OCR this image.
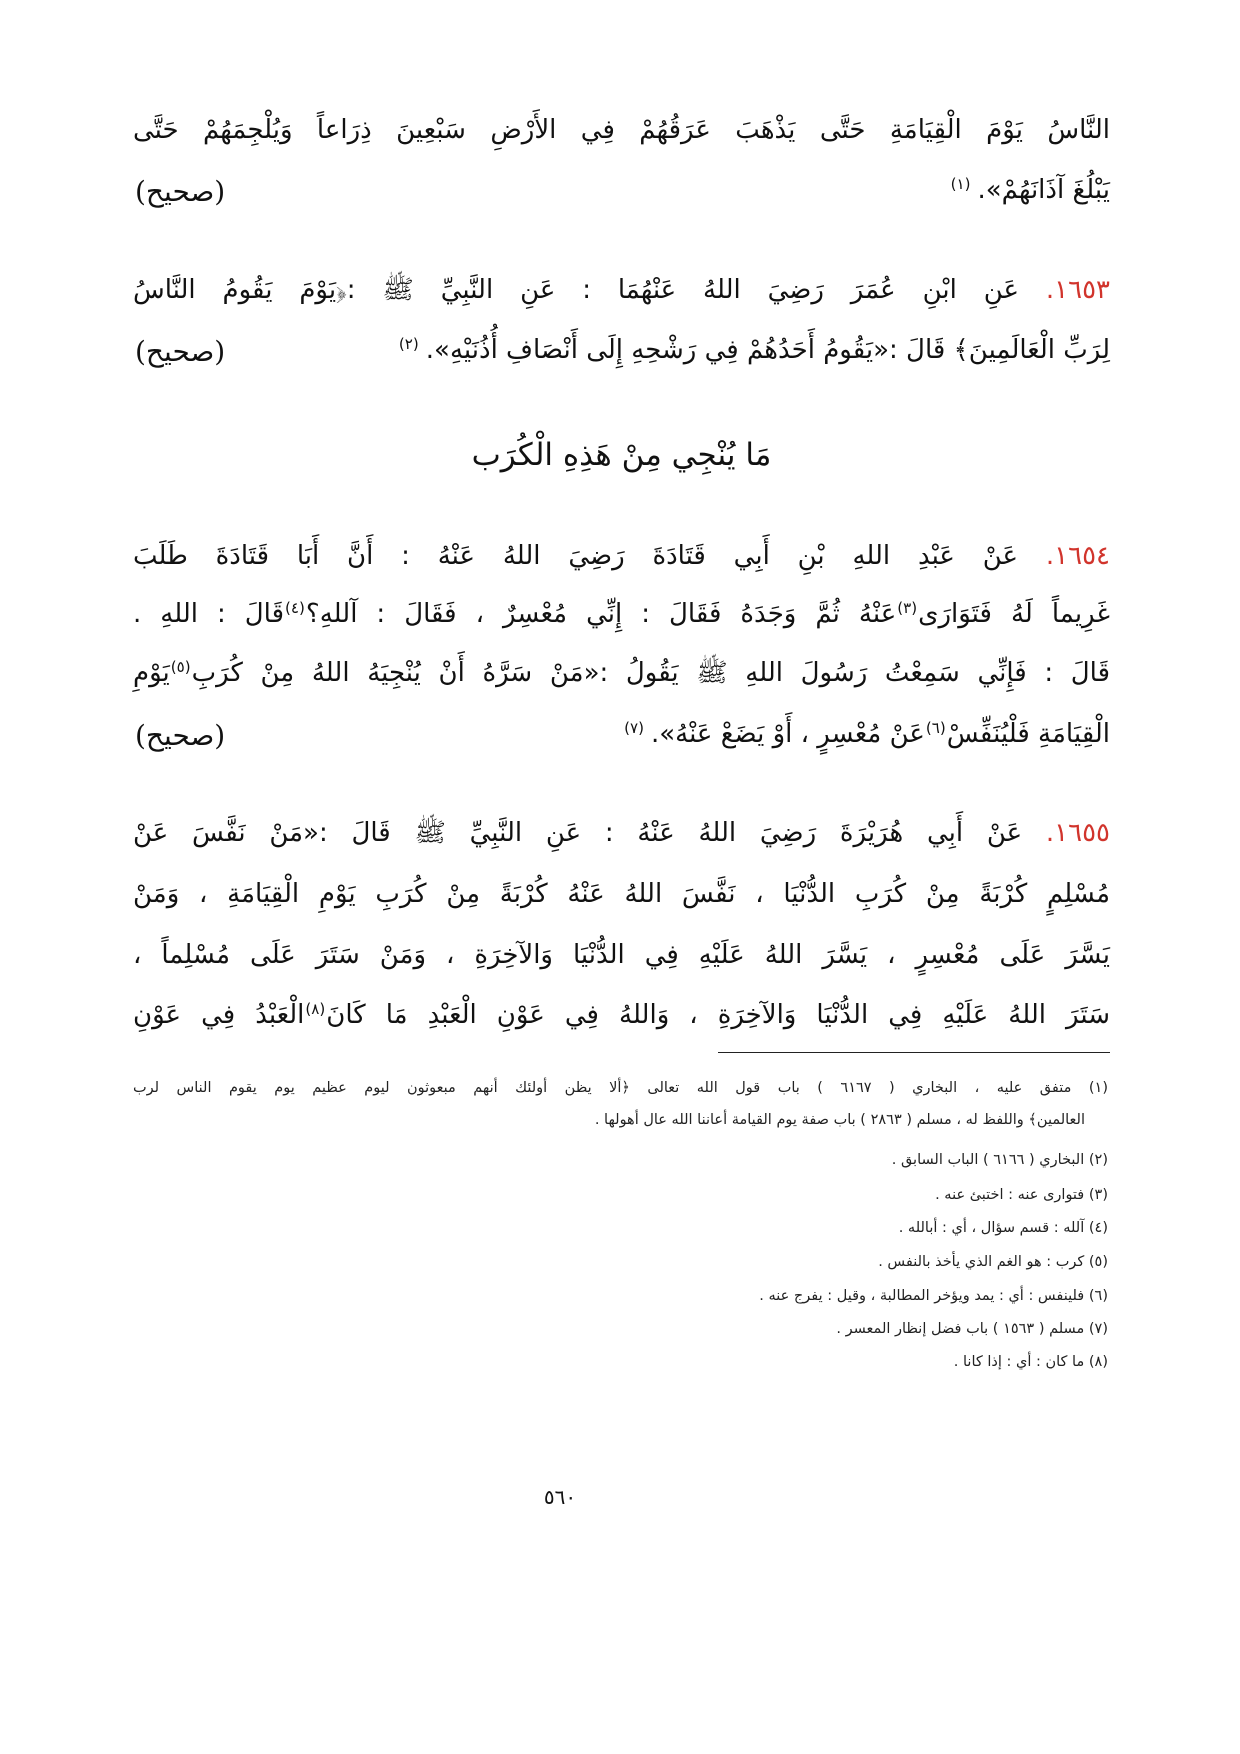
النَّاسُ يَوْمَ الْقِيَامَةِ حَتَّى يَذْهَبَ عَرَقُهُمْ فِي الأَرْضِ سَبْعِينَ ذِرَاعاً وَيُلْجِمَهُمْ حَتَّى
يَبْلُغَ آذَانَهُمْ».$^{(١)}$
(صحيح)
١٦٥٣. عَنِ ابْنِ عُمَرَ رَضِيَ اللهُ عَنْهُمَا : عَنِ النَّبِيِّ ﷺ :﴿يَوْمَ يَقُومُ النَّاسُ
لِرَبِّ الْعَالَمِينَ﴾ قَالَ :«يَقُومُ أَحَدُهُمْ فِي رَشْحِهِ إِلَى أَنْصَافِ أُذُنَيْهِ».$^{(٢)}$
(صحيح)
مَا يُنْجِي مِنْ هَذِهِ الْكُرَب
١٦٥٤. عَنْ عَبْدِ اللهِ بْنِ أَبِي قَتَادَةَ رَضِيَ اللهُ عَنْهُ : أَنَّ أَبَا قَتَادَةَ طَلَبَ
غَرِيماً لَهُ فَتَوَارَى$^{(٣)}$عَنْهُ ثُمَّ وَجَدَهُ فَقَالَ : إِنِّي مُعْسِرٌ ، فَقَالَ : آللهِ؟$^{(٤)}$قَالَ : اللهِ .
قَالَ : فَإِنِّي سَمِعْتُ رَسُولَ اللهِ ﷺ يَقُولُ :«مَنْ سَرَّهُ أَنْ يُنْجِيَهُ اللهُ مِنْ كُرَبِ$^{(٥)}$يَوْمِ
الْقِيَامَةِ فَلْيُنَفِّسْ$^{(٦)}$عَنْ مُعْسِرٍ ، أَوْ يَضَعْ عَنْهُ».$^{(٧)}$
(صحيح)
١٦٥٥. عَنْ أَبِي هُرَيْرَةَ رَضِيَ اللهُ عَنْهُ : عَنِ النَّبِيِّ ﷺ قَالَ :«مَنْ نَفَّسَ عَنْ
مُسْلِمٍ كُرْبَةً مِنْ كُرَبِ الدُّنْيَا ، نَفَّسَ اللهُ عَنْهُ كُرْبَةً مِنْ كُرَبِ يَوْمِ الْقِيَامَةِ ، وَمَنْ
يَسَّرَ عَلَى مُعْسِرٍ ، يَسَّرَ اللهُ عَلَيْهِ فِي الدُّنْيَا وَالآخِرَةِ ، وَمَنْ سَتَرَ عَلَى مُسْلِماً ،
سَتَرَ اللهُ عَلَيْهِ فِي الدُّنْيَا وَالآخِرَةِ ، وَاللهُ فِي عَوْنِ الْعَبْدِ مَا كَانَ$^{(٨)}$الْعَبْدُ فِي عَوْنِ
(١) متفق عليه ، البخاري ( ٦١٦٧ ) باب قول الله تعالى ﴿ألا يظن أولئك أنهم مبعوثون ليوم عظيم يوم يقوم الناس لرب
العالمين﴾ واللفظ له ، مسلم ( ٢٨٦٣ ) باب صفة يوم القيامة أعاننا الله عال أهولها .
(٢) البخاري ( ٦١٦٦ ) الباب السابق .
(٣) فتوارى عنه : اختبئ عنه .
(٤) آلله : قسم سؤال ، أي : أبالله .
(٥) كرب : هو الغم الذي يأخذ بالنفس .
(٦) فلينفس : أي : يمد ويؤخر المطالبة ، وقيل : يفرج عنه .
(٧) مسلم ( ١٥٦٣ ) باب فضل إنظار المعسر .
(٨) ما كان : أي : إذا كانا .
٥٦٠
